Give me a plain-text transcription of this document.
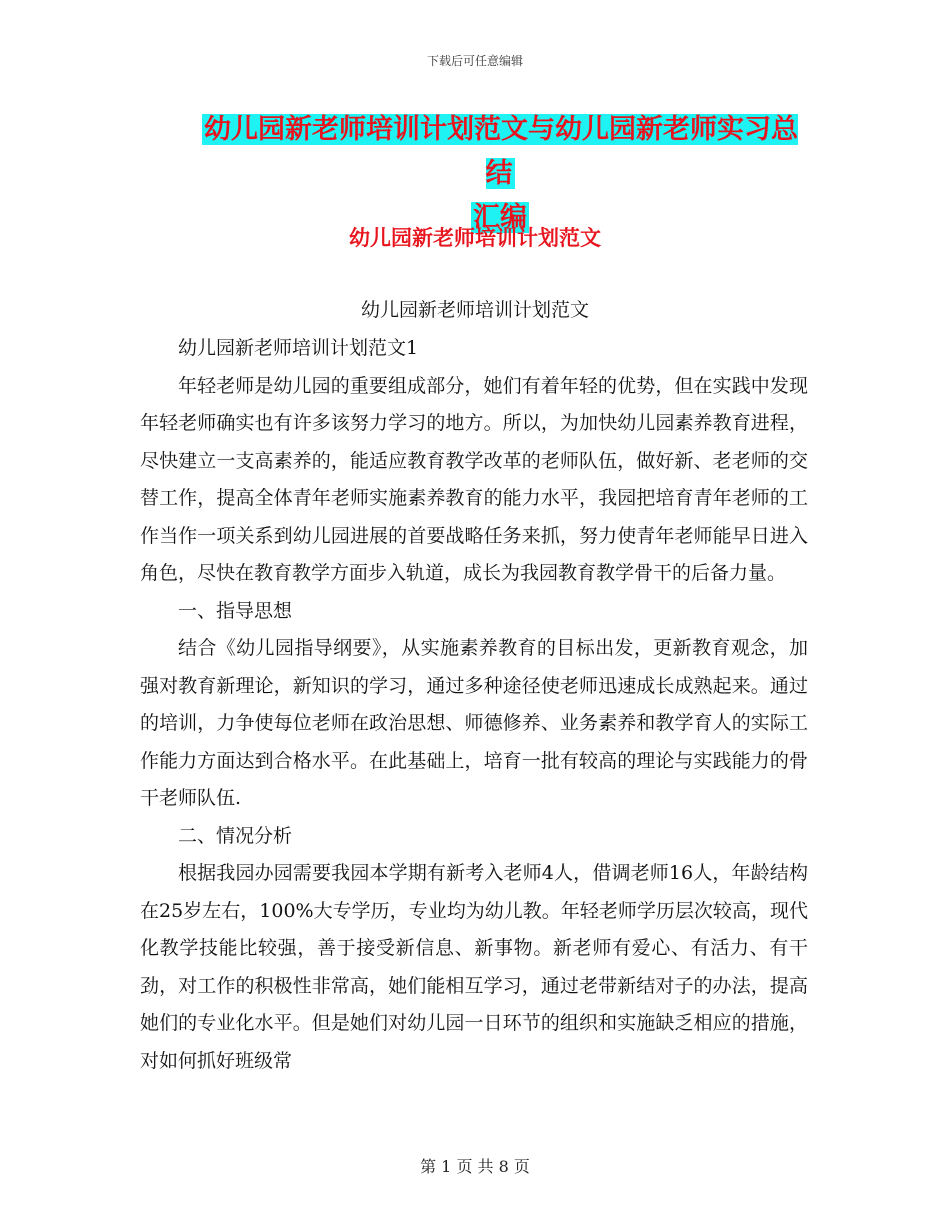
下载后可任意编辑
幼儿园新老师培训计划范文与幼儿园新老师实习总结
汇编
幼儿园新老师培训计划范文
幼儿园新老师培训计划范文

幼儿园新老师培训计划范文1

年轻老师是幼儿园的重要组成部分，她们有着年轻的优势，但在实践中发现年轻老师确实也有许多该努力学习的地方。所以，为加快幼儿园素养教育进程，尽快建立一支高素养的，能适应教育教学改革的老师队伍，做好新、老老师的交替工作，提高全体青年老师实施素养教育的能力水平，我园把培育青年老师的工作当作一项关系到幼儿园进展的首要战略任务来抓，努力使青年老师能早日进入角色，尽快在教育教学方面步入轨道，成长为我园教育教学骨干的后备力量。

一、指导思想

结合《幼儿园指导纲要》，从实施素养教育的目标出发，更新教育观念，加强对教育新理论，新知识的学习，通过多种途径使老师迅速成长成熟起来。通过的培训，力争使每位老师在政治思想、师德修养、业务素养和教学育人的实际工作能力方面达到合格水平。在此基础上，培育一批有较高的理论与实践能力的骨干老师队伍.

二、情况分析

根据我园办园需要我园本学期有新考入老师4人，借调老师16人，年龄结构在25岁左右，100%大专学历，专业均为幼儿教。年轻老师学历层次较高，现代化教学技能比较强，善于接受新信息、新事物。新老师有爱心、有活力、有干劲，对工作的积极性非常高，她们能相互学习，通过老带新结对子的办法，提高她们的专业化水平。但是她们对幼儿园一日环节的组织和实施缺乏相应的措施，对如何抓好班级常

第 1 页 共 8 页
